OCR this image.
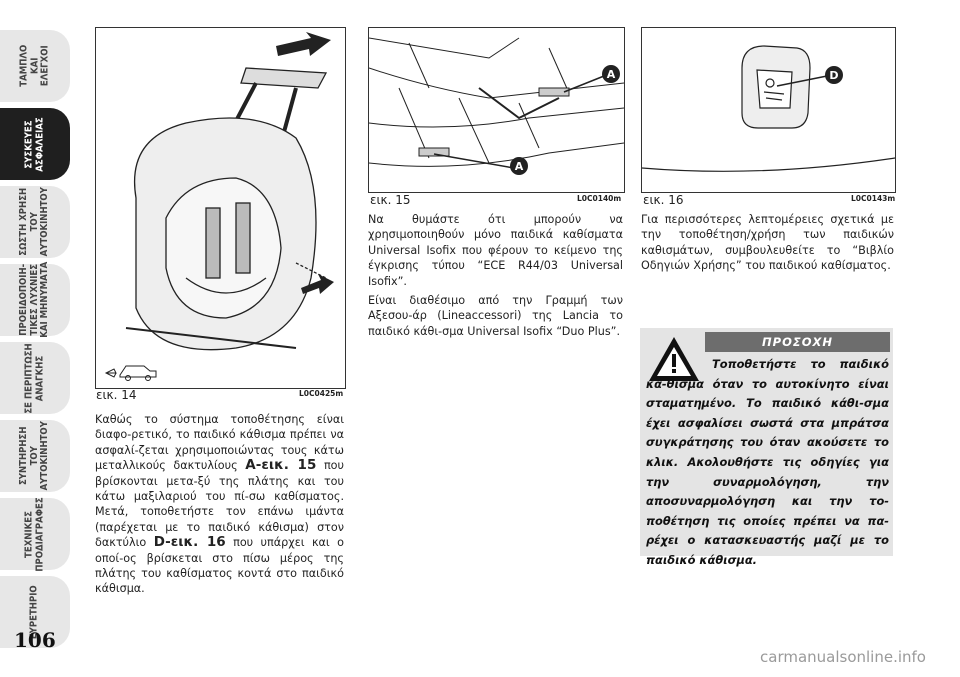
ΤΑΜΠΛΟ
ΚΑΙ
ΕΛΕΓΧΟΙ
ΣΥΣΚΕΥΕΣ
ΑΣΦΑΛΕΙΑΣ
ΣΩΣΤΗ ΧΡΗΣΗ
ΤΟΥ
ΑΥΤΟΚΙΝΗΤΟΥ
ΠΡΟΕΙΔΟΠΟΙΗ-
ΤΙΚΕΣ ΛΥΧΝΙΕΣ
ΚΑΙ ΜΗΝΥΜΑΤΑ
ΣΕ ΠΕΡΙΠΤΩΣΗ
ΑΝΑΓΚΗΣ
ΣΥΝΤΗΡΗΣΗ
ΤΟΥ
ΑΥΤΟΚΙΝΗΤΟΥ
ΤΕΧΝΙΚΕΣ
ΠΡΟΔΙΑΓΡΑΦΕΣ
ΕΥΡΕΤΗΡΙΟ
106
εικ. 14	L0C0425m
A
A
εικ. 15	L0C0140m
D
εικ. 16	L0C0143m

Καθώς το σύστημα τοποθέτησης είναι διαφο-ρετικό, το παιδικό κάθισμα πρέπει να ασφαλί-ζεται χρησιμοποιώντας τους κάτω μεταλλικούς δακτυλίους A-εικ. 15 που βρίσκονται μετα-ξύ της πλάτης και του κάτω μαξιλαριού του πί-σω καθίσματος. Μετά, τοποθετήστε τον επάνω ιμάντα (παρέχεται με το παιδικό κάθισμα) στον δακτύλιο D-εικ. 16 που υπάρχει και ο οποί-ος βρίσκεται στο πίσω μέρος της πλάτης του καθίσματος κοντά στο παιδικό κάθισμα.

Να θυμάστε ότι μπορούν να χρησιμοποιηθούν μόνο παιδικά καθίσματα Universal Isofix που φέρουν το κείμενο της έγκρισης τύπου “ECE R44/03 Universal Isofix”.

Είναι διαθέσιμο από την Γραμμή των Αξεσου-άρ (Lineaccessori) της Lancia το παιδικό κάθι-σμα Universal Isofix “Duo Plus”.

Για περισσότερες λεπτομέρειες σχετικά με την τοποθέτηση/χρήση των παιδικών καθισμάτων, συμβουλευθείτε το “Βιβλίο Οδηγιών Χρήσης” του παιδικού καθίσματος.

ΠΡΟΣΟΧΗ

Τοποθετήστε το παιδικό κά-θισμα όταν το αυτοκίνητο είναι σταματημένο. Το παιδικό κάθι-σμα έχει ασφαλίσει σωστά στα μπράτσα συγκράτησης του όταν ακούσετε το κλικ. Ακολουθήστε τις οδηγίες για την συναρμολόγηση, την αποσυναρμολόγηση και την το-ποθέτηση τις οποίες πρέπει να πα-ρέχει ο κατασκευαστής μαζί με το παιδικό κάθισμα.

carmanualsonline.info
